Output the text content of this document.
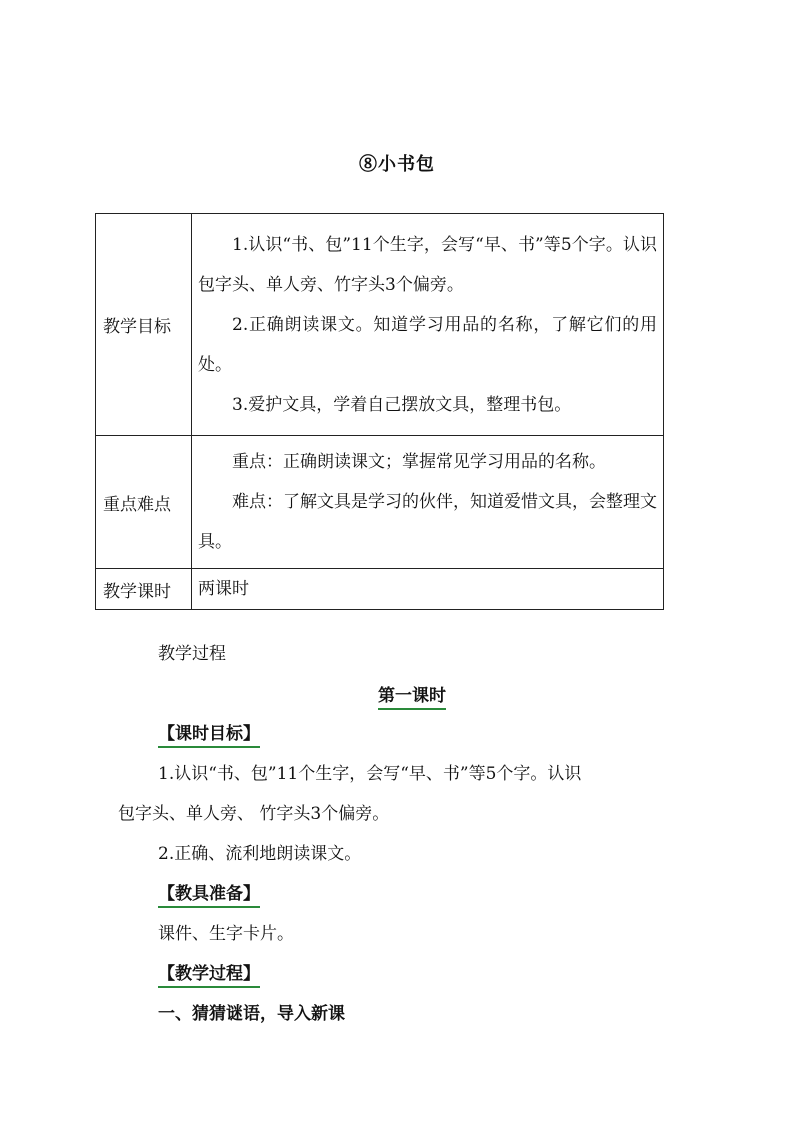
⑧小书包
教学目标	1.认识“书、包”11个生字，会写“早、书”等5个字。认识包字头、单人旁、竹字头3个偏旁。
2.正确朗读课文。知道学习用品的名称，了解它们的用处。
3.爱护文具，学着自己摆放文具，整理书包。

重点难点	重点：正确朗读课文；掌握常见学习用品的名称。
难点：了解文具是学习的伙伴，知道爱惜文具，会整理文具。

教学课时	两课时
教学过程
第一课时
【课时目标】
1.认识“书、包”11个生字，会写“早、书”等5个字。认识
包字头、单人旁、 竹字头3个偏旁。
2.正确、流利地朗读课文。
【教具准备】
课件、生字卡片。
【教学过程】
一、猜猜谜语，导入新课
